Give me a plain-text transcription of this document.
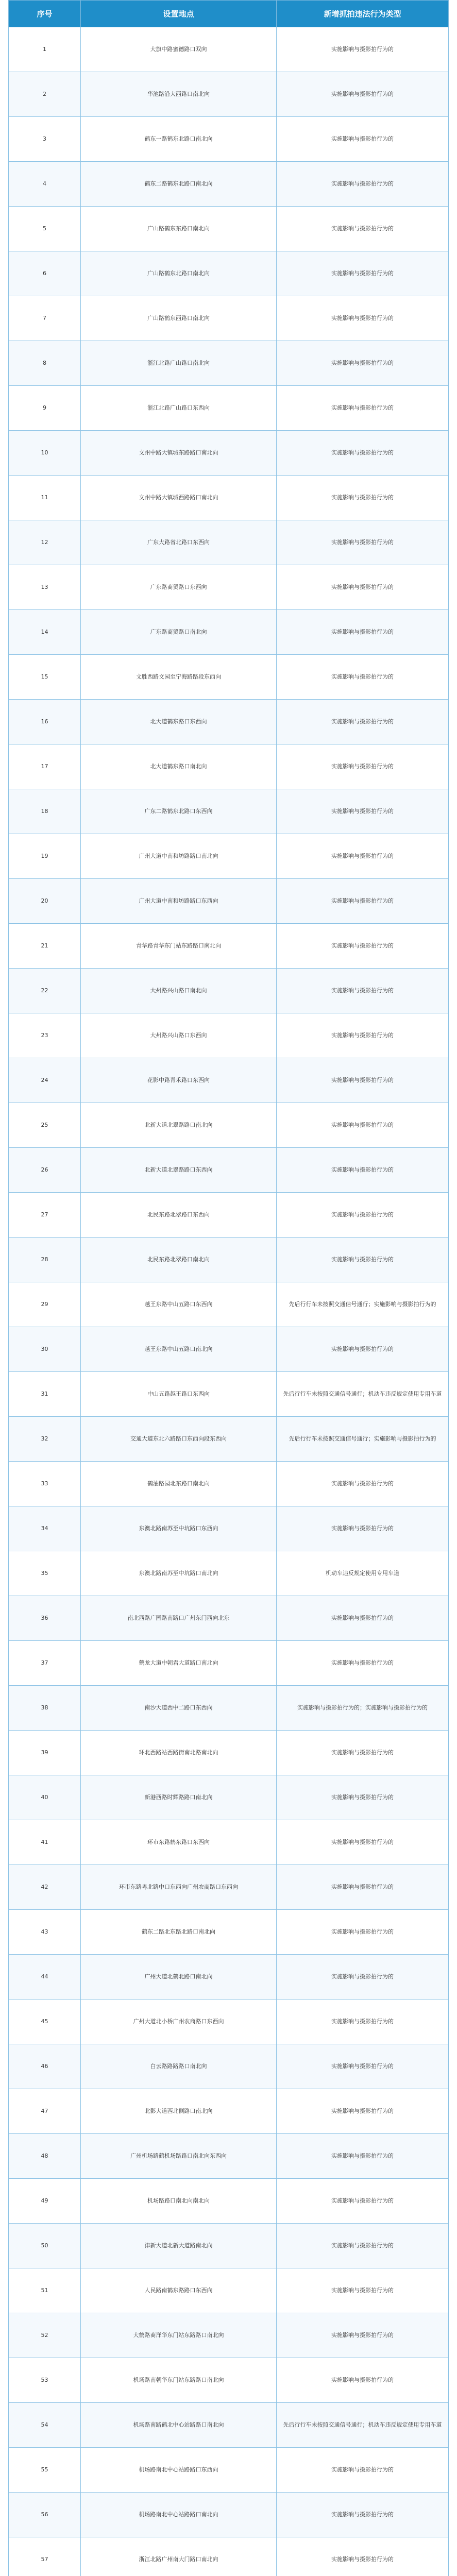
序号	设置地点	新增抓拍违法行为类型
1	大旗中路蜜德路口双向	实施影响与摄影拍行为的
2	华池路沿大西路口南北向	实施影响与摄影拍行为的
3	鹤东一路鹤东北路口南北向	实施影响与摄影拍行为的
4	鹤东二路鹤东北路口南北向	实施影响与摄影拍行为的
5	广山路鹤东东路口南北向	实施影响与摄影拍行为的
6	广山路鹤东北路口南北向	实施影响与摄影拍行为的
7	广山路鹤东西路口南北向	实施影响与摄影拍行为的
8	浙江北路广山路口南北向	实施影响与摄影拍行为的
9	浙江北路广山路口东西向	实施影响与摄影拍行为的
10	文州中路大镇城东路路口南北向	实施影响与摄影拍行为的
11	文州中路大镇城西路路口南北向	实施影响与摄影拍行为的
12	广东大路省北路口东西向	实施影响与摄影拍行为的
13	广东路商贸路口东西向	实施影响与摄影拍行为的
14	广东路商贸路口南北向	实施影响与摄影拍行为的
15	文胜西路文园至宁海路路段东西向	实施影响与摄影拍行为的
16	北大道鹤东路口东西向	实施影响与摄影拍行为的
17	北大道鹤东路口南北向	实施影响与摄影拍行为的
18	广东二路鹤东北路口东西向	实施影响与摄影拍行为的
19	广州大道中南和坊路路口南北向	实施影响与摄影拍行为的
20	广州大道中南和坊路路口东西向	实施影响与摄影拍行为的
21	青华路青华东门站东路路口南北向	实施影响与摄影拍行为的
22	大州路兴山路口南北向	实施影响与摄影拍行为的
23	大州路兴山路口东西向	实施影响与摄影拍行为的
24	花影中路青禾路口东西向	实施影响与摄影拍行为的
25	北新大道北翠路路口南北向	实施影响与摄影拍行为的
26	北新大道北翠路路口东西向	实施影响与摄影拍行为的
27	北民东路北翠路口东西向	实施影响与摄影拍行为的
28	北民东路北翠路口南北向	实施影响与摄影拍行为的
29	越王东路中山五路口东西向	先后行行车未按照交通信号通行；实施影响与摄影拍行为的
30	越王东路中山五路口南北向	实施影响与摄影拍行为的
31	中山五路越王路口东西向	先后行行车未按照交通信号通行；机动车违反规定使用专用车道
32	交通大道东北六路路口东西向段东西向	先后行行车未按照交通信号通行；实施影响与摄影拍行为的
33	鹤油路园北东路口南北向	实施影响与摄影拍行为的
34	东澳北路南苏至中坑路口东西向	实施影响与摄影拍行为的
35	东澳北路南苏至中坑路口南北向	机动车违反规定使用专用车道
36	南北西路广园路南路口广州东门西向北东	实施影响与摄影拍行为的
37	鹤龙大道中朝君大道路口南北向	实施影响与摄影拍行为的
38	南沙大道西中二路口东西向	实施影响与摄影拍行为的；实施影响与摄影拍行为的
39	环北西路站西路街南北路南北向	实施影响与摄影拍行为的
40	新港西路时辉路路口南北向	实施影响与摄影拍行为的
41	环市东路鹤东路口东西向	实施影响与摄影拍行为的
42	环市东路粤北路中口东西向广州农商路口东西向	实施影响与摄影拍行为的
43	鹤东二路北东路北路口南北向	实施影响与摄影拍行为的
44	广州大道北鹤北路口南北向	实施影响与摄影拍行为的
45	广州大道北小桥广州农商路口东西向	实施影响与摄影拍行为的
46	白云路路路路口南北向	实施影响与摄影拍行为的
47	北影大道西北侧路口南北向	实施影响与摄影拍行为的
48	广州机场路鹤机场路路口南北向东西向	实施影响与摄影拍行为的
49	机场路路口南北向南北向	实施影响与摄影拍行为的
50	津新大道北新大道路南北向	实施影响与摄影拍行为的
51	人民路南鹤东路路口东西向	实施影响与摄影拍行为的
52	大鹤路商洋华东门站东路路口南北向	实施影响与摄影拍行为的
53	机场路南朝华东门站东路路口南北向	实施影响与摄影拍行为的
54	机场路南路鹤北中心站路路口南北向	先后行行车未按照交通信号通行；机动车违反规定使用专用车道
55	机场路南北中心站路路口东西向	实施影响与摄影拍行为的
56	机场路南北中心站路路口南北向	实施影响与摄影拍行为的
57	浙江北路广州南大门路口南北向	实施影响与摄影拍行为的
